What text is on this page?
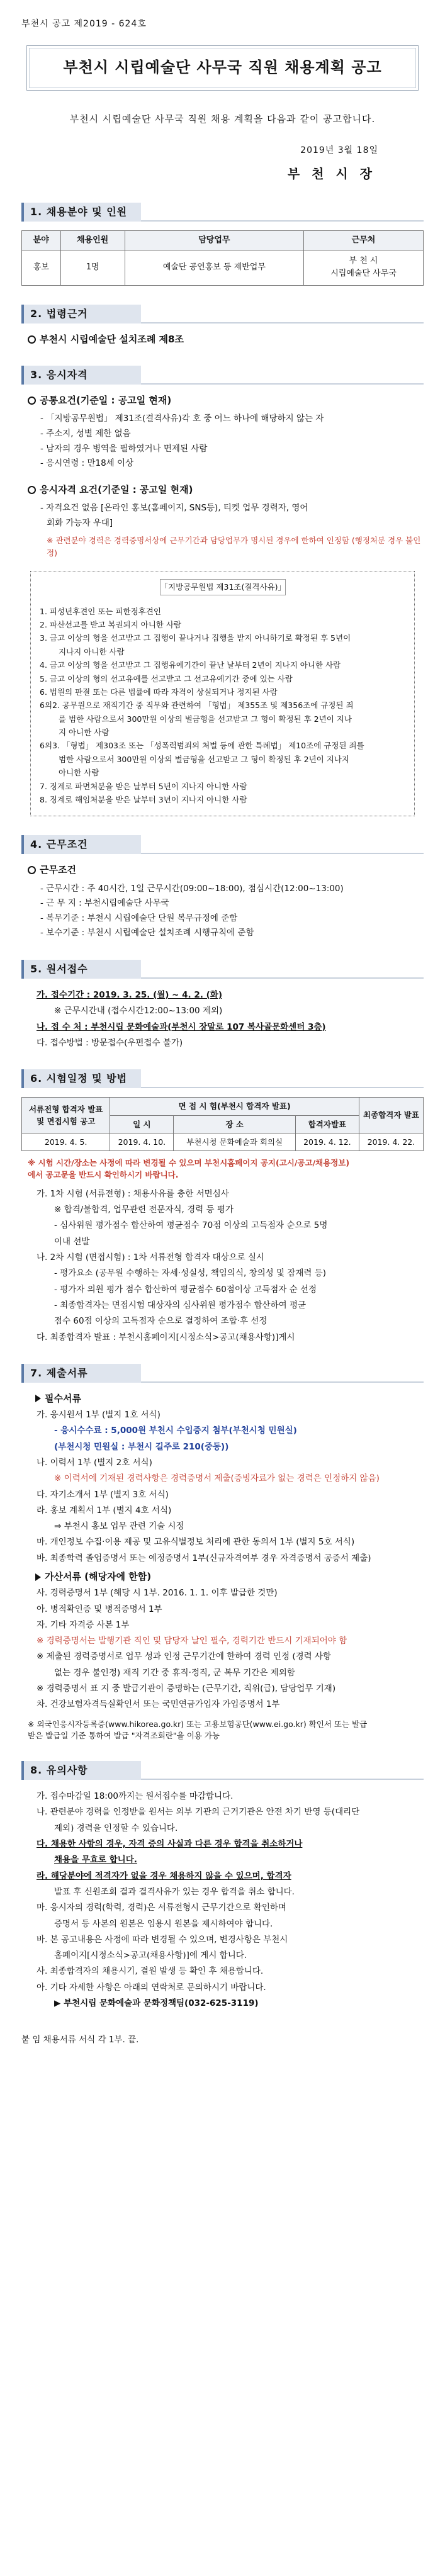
부천시 공고 제2019 - 624호
부천시 시립예술단 사무국 직원 채용계획 공고
부천시 시립예술단 사무국 직원 채용 계획을 다음과 같이 공고합니다.
2019년 3월 18일
부 천 시 장
1. 채용분야 및 인원
분야	채용인원	담당업무	근무처
홍보	1명	예술단 공연홍보 등 제반업무	부 천 시
시립예술단 사무국
2. 법령근거
부천시 시립예술단 설치조례 제8조
3. 응시자격
공통요건(기준일 : 공고일 현재)
- 「지방공무원법」 제31조(결격사유)각 호 중 어느 하나에 해당하지 않는 자
- 주소지, 성별 제한 없음
- 남자의 경우 병역을 필하였거나 면제된 사람
- 응시연령 : 만18세 이상
응시자격 요건(기준일 : 공고일 현재)
- 자격요건 없음 [온라인 홍보(홈페이지, SNS등), 티켓 업무 경력자, 영어
회화 가능자 우대]
※ 관련분야 경력은 경력증명서상에 근무기간과 담당업무가 명시된 경우에 한하여 인정함 (행정처분 경우 불인정)
「지방공무원법 제31조(결격사유)」
1. 피성년후견인 또는 피한정후견인
2. 파산선고를 받고 복권되지 아니한 사람
3. 금고 이상의 형을 선고받고 그 집행이 끝나거나 집행을 받지 아니하기로 확정된 후 5년이
지나지 아니한 사람
4. 금고 이상의 형을 선고받고 그 집행유예기간이 끝난 날부터 2년이 지나지 아니한 사람
5. 금고 이상의 형의 선고유예를 선고받고 그 선고유예기간 중에 있는 사람
6. 법원의 판결 또는 다른 법률에 따라 자격이 상실되거나 정지된 사람
6의2. 공무원으로 재직기간 중 직무와 관련하여 「형법」 제355조 및 제356조에 규정된 죄
를 범한 사람으로서 300만원 이상의 벌금형을 선고받고 그 형이 확정된 후 2년이 지나
지 아니한 사람
6의3. 「형법」 제303조 또는 「성폭력범죄의 처벌 등에 관한 특례법」 제10조에 규정된 죄를
범한 사람으로서 300만원 이상의 벌금형을 선고받고 그 형이 확정된 후 2년이 지나지
아니한 사람
7. 징계로 파면처분을 받은 날부터 5년이 지나지 아니한 사람
8. 징계로 해임처분을 받은 날부터 3년이 지나지 아니한 사람
4. 근무조건
근무조건
- 근무시간 : 주 40시간, 1일 근무시간(09:00~18:00), 점심시간(12:00~13:00)
- 근 무 지 : 부천시립예술단 사무국
- 복무기준 : 부천시 시립예술단 단원 복무규정에 준함
- 보수기준 : 부천시 시립예술단 설치조례 시행규칙에 준함
5. 원서접수
가. 접수기간 : 2019. 3. 25. (월) ~ 4. 2. (화)
※ 근무시간내 (접수시간12:00~13:00 제외)
나. 접 수 처 : 부천시립 문화예술과(부천시 장말로 107 복사골문화센터 3층)
다. 접수방법 : 방문접수(우편접수 불가)
6. 시험일정 및 방법
서류전형 합격자 발표 및 면접시험 공고	면 접 시 험(부천시 합격자 발표)			최종합격자 발표
	일 시	장 소	합격자발표	
2019. 4. 5.	2019. 4. 10.	부천시청 문화예술과 회의실	2019. 4. 12.	2019. 4. 22.
※ 시험 시간/장소는 사정에 따라 변경될 수 있으며 부천시홈페이지 공지(고시/공고/채용정보)
에서 공고문을 반드시 확인하시기 바랍니다.
가. 1차 시험 (서류전형) : 채용사유를 충한 서면심사
※ 합격/불합격, 업무관련 전문자식, 경력 등 평가
- 심사위원 평가점수 합산하여 평균점수 70점 이상의 고득점자 순으로 5명
이내 선발
나. 2차 시험 (면접시험) : 1차 서류전형 합격자 대상으로 실시
- 평가요소 (공무원 수행하는 자세·성실성, 책임의식, 창의성 및 잠재력 등)
- 평가자 의원 평가 점수 합산하여 평균점수 60점이상 고득점자 순 선정
- 최종합격자는 면접시험 대상자의 심사위원 평가점수 합산하여 평균
점수 60점 이상의 고득점자 순으로 결정하여 조합·후 선정
다. 최종합격자 발표 : 부천시홈페이지[시정소식>공고(채용사항)]게시
7. 제출서류
필수서류
가. 응시원서 1부 (별지 1호 서식)
- 응시수수료 : 5,000원 부천시 수입증지 첨부(부천시청 민원실)
(부천시청 민원실 : 부천시 길주로 210(중동))
나. 이력서 1부 (별지 2호 서식)
※ 이력서에 기재된 경력사항은 경력증명서 제출(증빙자료가 없는 경력은 인정하지 않음)
다. 자기소개서 1부 (별지 3호 서식)
라. 홍보 계획서 1부 (별지 4호 서식)
⇒ 부천시 홍보 업무 관련 기술 시정
마. 개인정보 수집·이용 제공 및 고유식별정보 처리에 관한 동의서 1부 (별지 5호 서식)
바. 최종학력 졸업증명서 또는 예정증명서 1부(신규자격여부 경우 자격증명서 공증서 제출)
가산서류 (해당자에 한함)
사. 경력증명서 1부 (해당 시 1부. 2016. 1. 1. 이후 발급한 것만)
아. 병적확인증 및 병적증명서 1부
자. 기타 자격증 사본 1부
※ 경력증명서는 발행기관 직인 및 담당자 날인 필수, 경력기간 반드시 기재되어야 함
※ 제출된 경력증명서로 업무 성과 인정 근무기간에 한하여 경력 인정 (경력 사항
없는 경우 불인정) 재직 기간 중 휴직·정직, 군 복무 기간은 제외함
※ 경력증명서 표 지 중 발급기관이 증명하는 (근무기간, 직위(급), 담당업무 기재)
차. 건강보험자격득실확인서 또는 국민연금가입자 가입증명서 1부
※ 외국인응시자등록증(www.hikorea.go.kr) 또는 고용보험공단(www.ei.go.kr) 확인서 또는 발급
받은 발급일 기준 통하여 발급 "자격조회란"을 이용 가능
8. 유의사항
가. 접수마감일 18:00까지는 원서접수를 마감합니다.
나. 관련분야 경력을 인정받을 원서는 외부 기관의 근거기관은 안전 차기 반영 등(대리단
제외) 경력을 인정할 수 있습니다.
다. 채용한 사항의 경우, 자격 증의 사실과 다른 경우 합격을 취소하거나
채용을 무효로 합니다.
라. 해당분야에 적격자가 없을 경우 채용하지 않을 수 있으며, 합격자
발표 후 신원조회 결과 결격사유가 있는 경우 합격을 취소 합니다.
마. 응시자의 경력(학력, 경력)은 서류전형시 근무기간으로 확인하며
증명서 등 사본의 원본은 임용시 원본을 제시하여야 합니다.
바. 본 공고내용은 사정에 따라 변경될 수 있으며, 변경사항은 부천시
홈페이지[시정소식>공고(채용사항)]에 게시 합니다.
사. 최종합격자의 채용시기, 결원 발생 등 확인 후 채용합니다.
아. 기타 자세한 사항은 아래의 연락처로 문의하시기 바랍니다.
▶ 부천시립 문화예술과 문화정책팀(032-625-3119)
붙 임 채용서류 서식 각 1부. 끝.
